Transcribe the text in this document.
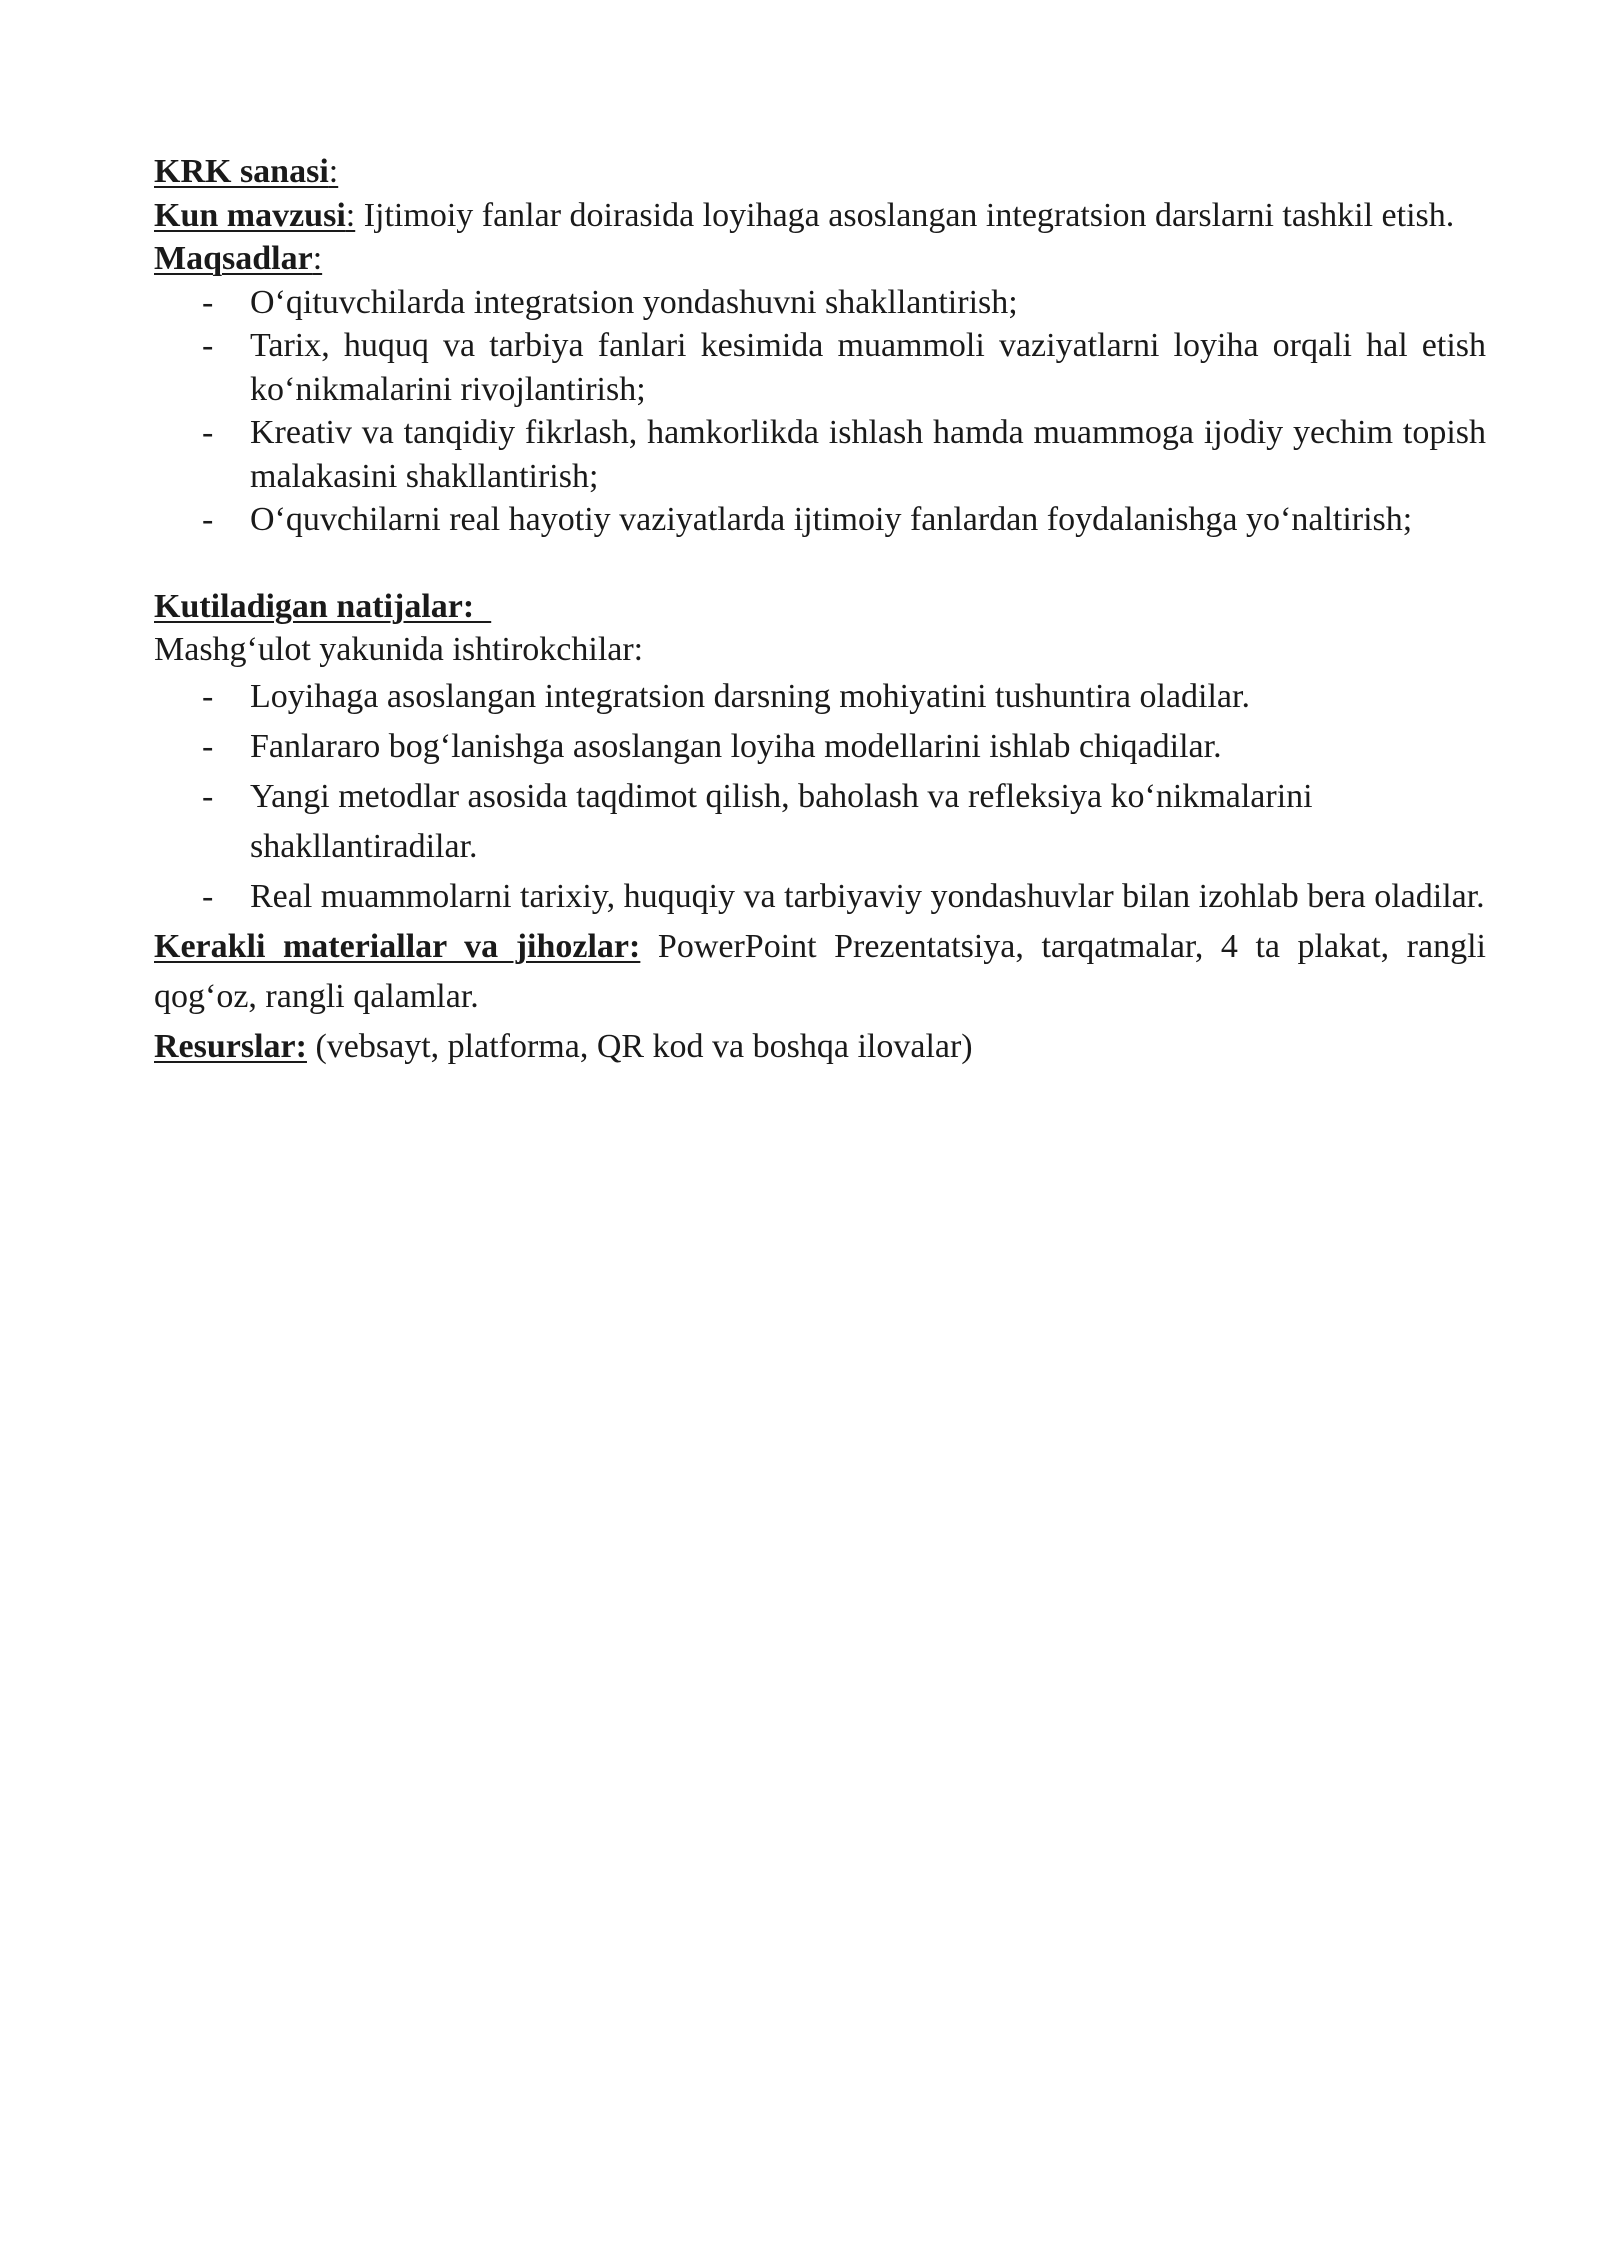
KRK sanasi:
Kun mavzusi: Ijtimoiy fanlar doirasida loyihaga asoslangan integratsion darslarni tashkil etish.
Maqsadlar:
- O‘qituvchilarda integratsion yondashuvni shakllantirish;
- Tarix, huquq va tarbiya fanlari kesimida muammoli vaziyatlarni loyiha orqali hal etish ko‘nikmalarini rivojlantirish;
- Kreativ va tanqidiy fikrlash, hamkorlikda ishlash hamda muammoga ijodiy yechim topish malakasini shakllantirish;
- O‘quvchilarni real hayotiy vaziyatlarda ijtimoiy fanlardan foydalanishga yo‘naltirish;
Kutiladigan natijalar:
Mashg‘ulot yakunida ishtirokchilar:
- Loyihaga asoslangan integratsion darsning mohiyatini tushuntira oladilar.
- Fanlararo bog‘lanishga asoslangan loyiha modellarini ishlab chiqadilar.
- Yangi metodlar asosida taqdimot qilish, baholash va refleksiya ko‘nikmalarini shakllantiradilar.
- Real muammolarni tarixiy, huquqiy va tarbiyaviy yondashuvlar bilan izohlab bera oladilar.
Kerakli materiallar va jihozlar: PowerPoint Prezentatsiya, tarqatmalar, 4 ta plakat, rangli qog‘oz, rangli qalamlar.
Resurslar: (vebsayt, platforma, QR kod va boshqa ilovalar)
